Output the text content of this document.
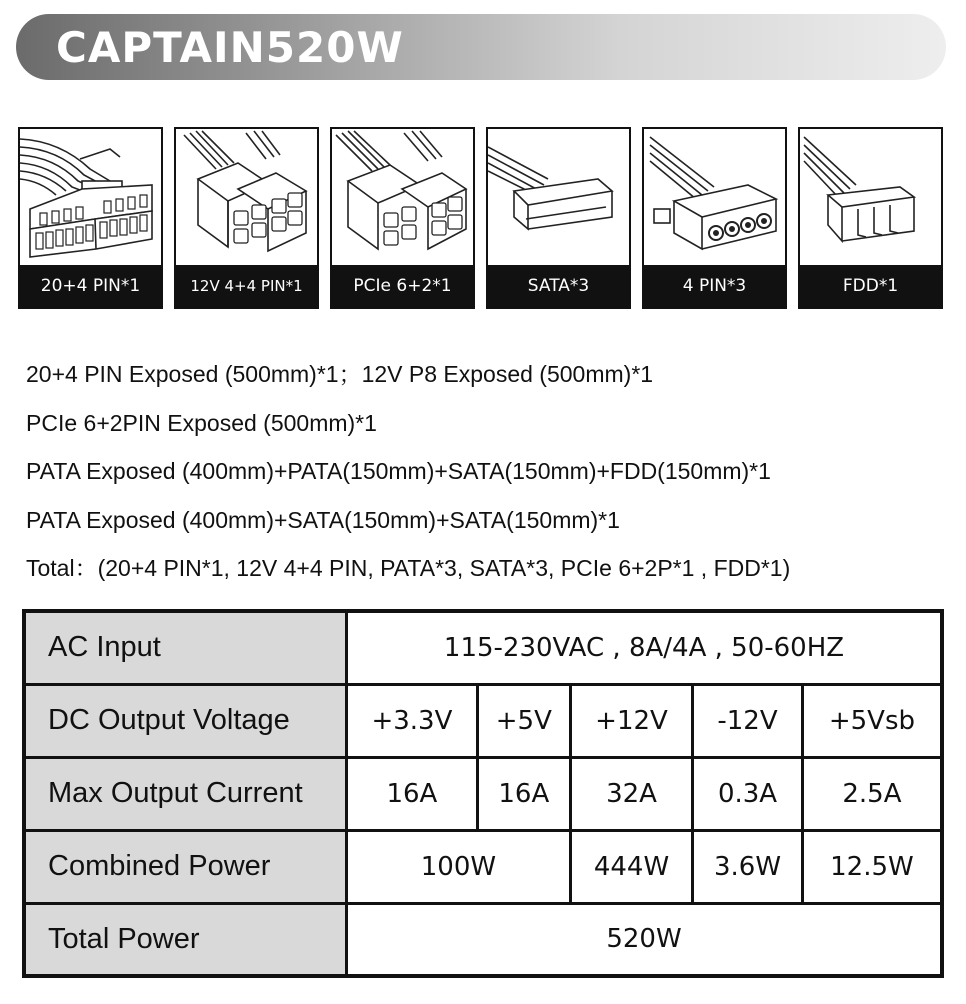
CAPTAIN520W
20+4 PIN*1	12V 4+4 PIN*1	PCIe 6+2*1	SATA*3	4 PIN*3	FDD*1
20+4 PIN Exposed (500mm)*1；12V P8 Exposed (500mm)*1
PCIe 6+2PIN Exposed (500mm)*1
PATA Exposed (400mm)+PATA(150mm)+SATA(150mm)+FDD(150mm)*1
PATA Exposed (400mm)+SATA(150mm)+SATA(150mm)*1
Total：(20+4 PIN*1, 12V 4+4 PIN, PATA*3, SATA*3, PCIe 6+2P*1 , FDD*1)
AC Input	115-230VAC , 8A/4A , 50-60HZ				
DC Output Voltage	+3.3V	+5V	+12V	-12V	+5Vsb
Max Output Current	16A	16A	32A	0.3A	2.5A
Combined Power	100W		444W	3.6W	12.5W
Total Power	520W				
